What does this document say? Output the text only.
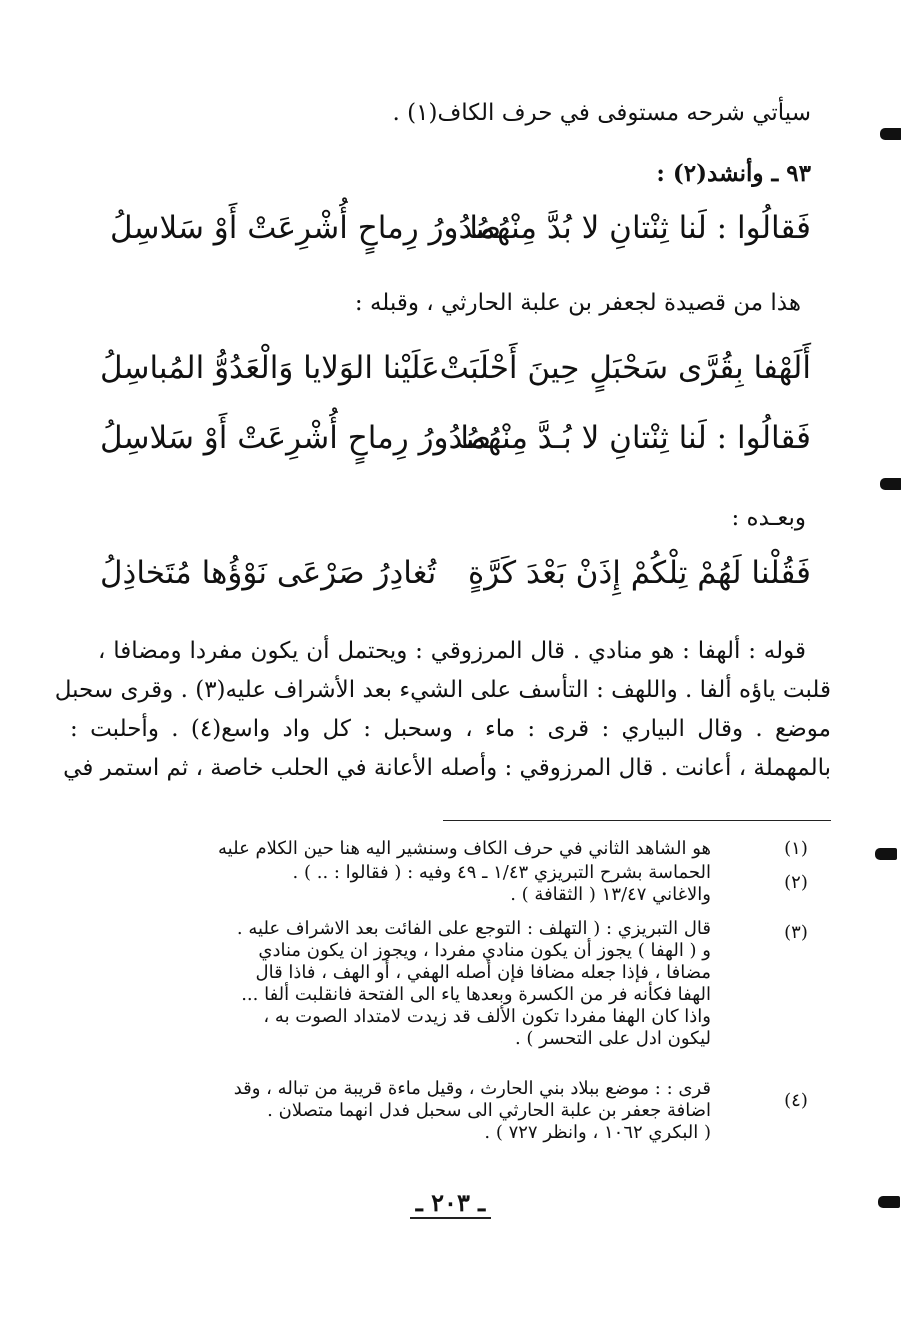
سيأتي شرحه مستوفى في حرف الكاف(١) .
٩٣ ـ وأنشد(٢) :
فَقالُوا : لَنا ثِنْتانِ لا بُدَّ مِنْهُما
صُدُورُ رِماحٍ أُشْرِعَتْ أَوْ سَلاسِلُ
هذا من قصيدة لجعفر بن علبة الحارثي ، وقبله :
أَلَهْفا بِقُرَّى سَحْبَلٍ حِينَ أَحْلَبَتْ
عَلَيْنا الوَلايا وَالْعَدُوُّ المُباسِلُ
فَقالُوا : لَنا ثِنْتانِ لا بُـدَّ مِنْهُما
صُدُورُ رِماحٍ أُشْرِعَتْ أَوْ سَلاسِلُ
وبعـده :
فَقُلْنا لَهُمْ تِلْكُمْ إِذَنْ بَعْدَ كَرَّةٍ
تُغادِرُ صَرْعَى نَوْؤُها مُتَخاذِلُ
قوله : ألهفا : هو منادي . قال المرزوقي : ويحتمل أن يكون مفردا ومضافا ،
قلبت ياؤه ألفا . واللهف : التأسف على الشيء بعد الأشراف عليه(٣) . وقرى سحبل
موضع . وقال البياري : قرى : ماء ، وسحبل : كل واد واسع(٤) . وأحلبت :
بالمهملة ، أعانت . قال المرزوقي : وأصله الأعانة في الحلب خاصة ، ثم استمر في
(١)
هو الشاهد الثاني في حرف الكاف وسنشير اليه هنا حين الكلام عليه
(٢)
الحماسة بشرح التبريزي ١/٤٣ ـ ٤٩ وفيه : ( فقالوا : .. ) .
والاغاني ١٣/٤٧ ( الثقافة ) .
(٣)
قال التبريزي : ( التهلف : التوجع على الفائت بعد الاشراف عليه .
و ( الهفا ) يجوز أن يكون منادي مفردا ، ويجوز ان يكون منادي
مضافا ، فإذا جعله مضافا فإن أصله الهفي ، أو الهف ، فاذا قال
الهفا فكأنه فر من الكسرة وبعدها ياء الى الفتحة فانقلبت ألفا ...
واذا كان الهفا مفردا تكون الألف قد زيدت لامتداد الصوت به ،
ليكون ادل على التحسر ) .
(٤)
قرى : : موضع ببلاد بني الحارث ، وقيل ماءة قريبة من تباله ، وقد
اضافة جعفر بن علبة الحارثي الى سحبل فدل انهما متصلان .
( البكري ١٠٦٢ ، وانظر ٧٢٧ ) .
ـ ٢٠٣ ـ
